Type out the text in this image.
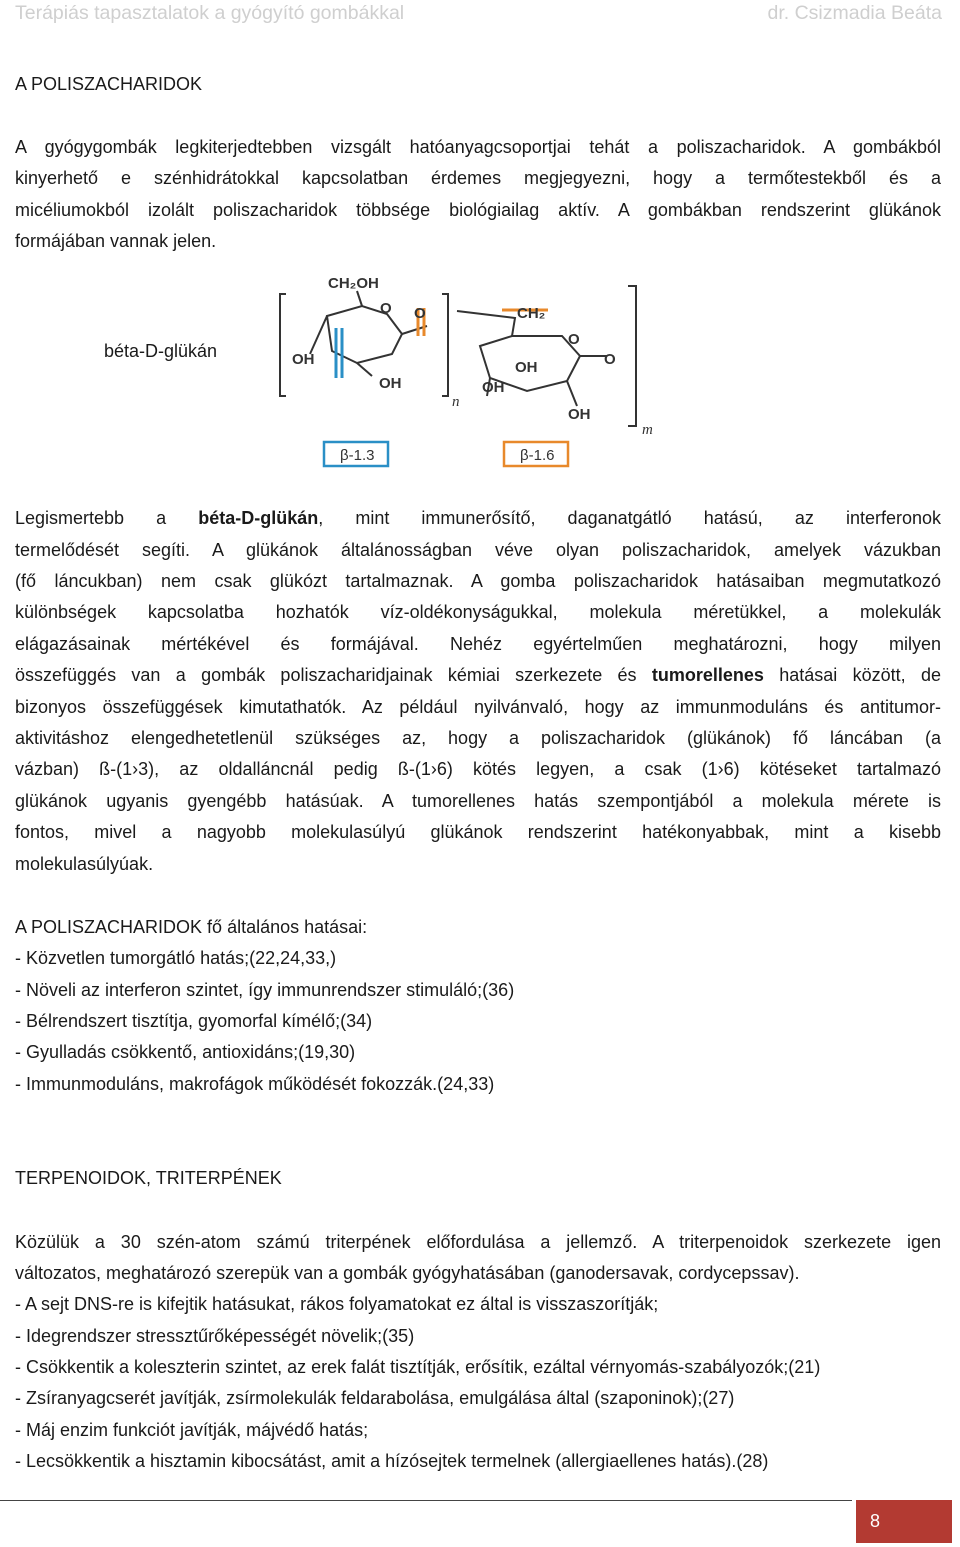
Terápiás tapasztalatok a gyógyító gombákkal	dr. Csizmadia Beáta
A POLISZACHARIDOK
A gyógygombák legkiterjedtebben vizsgált hatóanyagcsoportjai tehát a poliszacharidok. A gombákból
kinyerhető e szénhidrátokkal kapcsolatban érdemes megjegyezni, hogy a termőtestekből és a
micéliumokból izolált poliszacharidok többsége biológiailag aktív. A gombákban rendszerint glükánok
formájában vannak jelen.
béta-D-glükán
Legismertebb a béta-D-glükán, mint immunerősítő, daganatgátló hatású, az interferonok
termelődését segíti. A glükánok általánosságban véve olyan poliszacharidok, amelyek vázukban
(fő láncukban) nem csak glükózt tartalmaznak. A gomba poliszacharidok hatásaiban megmutatkozó
különbségek kapcsolatba hozhatók víz-oldékonyságukkal, molekula méretükkel, a molekulák
elágazásainak mértékével és formájával. Nehéz egyértelműen meghatározni, hogy milyen
összefüggés van a gombák poliszacharidjainak kémiai szerkezete és tumorellenes hatásai között, de
bizonyos összefüggések kimutathatók. Az például nyilvánvaló, hogy az immunmoduláns és antitumor-
aktivitáshoz elengedhetetlenül szükséges az, hogy a poliszacharidok (glükánok) fő láncában (a
vázban) ß-(1›3), az oldalláncnál pedig ß-(1›6) kötés legyen, a csak (1›6) kötéseket tartalmazó
glükánok ugyanis gyengébb hatásúak. A tumorellenes hatás szempontjából a molekula mérete is
fontos, mivel a nagyobb molekulasúlyú glükánok rendszerint hatékonyabbak, mint a kisebb
molekulasúlyúak.
A POLISZACHARIDOK fő általános hatásai:
- Közvetlen tumorgátló hatás;(22,24,33,)
- Növeli az interferon szintet, így immunrendszer stimuláló;(36)
- Bélrendszert tisztítja, gyomorfal kímélő;(34)
- Gyulladás csökkentő, antioxidáns;(19,30)
- Immunmoduláns, makrofágok működését fokozzák.(24,33)
TERPENOIDOK, TRITERPÉNEK
Közülük a 30 szén-atom számú triterpének előfordulása a jellemző. A triterpenoidok szerkezete igen
változatos, meghatározó szerepük van a gombák gyógyhatásában (ganodersavak, cordycepssav).
- A sejt DNS-re is kifejtik hatásukat, rákos folyamatokat ez által is visszaszorítják;
- Idegrendszer stressztűrőképességét növelik;(35)
- Csökkentik a koleszterin szintet, az erek falát tisztítják, erősítik, ezáltal vérnyomás-szabályozók;(21)
- Zsíranyagcserét javítják, zsírmolekulák feldarabolása, emulgálása által (szaponinok);(27)
- Máj enzim funkciót javítják, májvédő hatás;
- Lecsökkentik a hisztamin kibocsátást, amit a hízósejtek termelnek (allergiaellenes hatás).(28)
CH₂OH
O O	CH₂
O
O
OH
OH
OH
OH
OH
n
m
β-1.3	β-1.6
8
